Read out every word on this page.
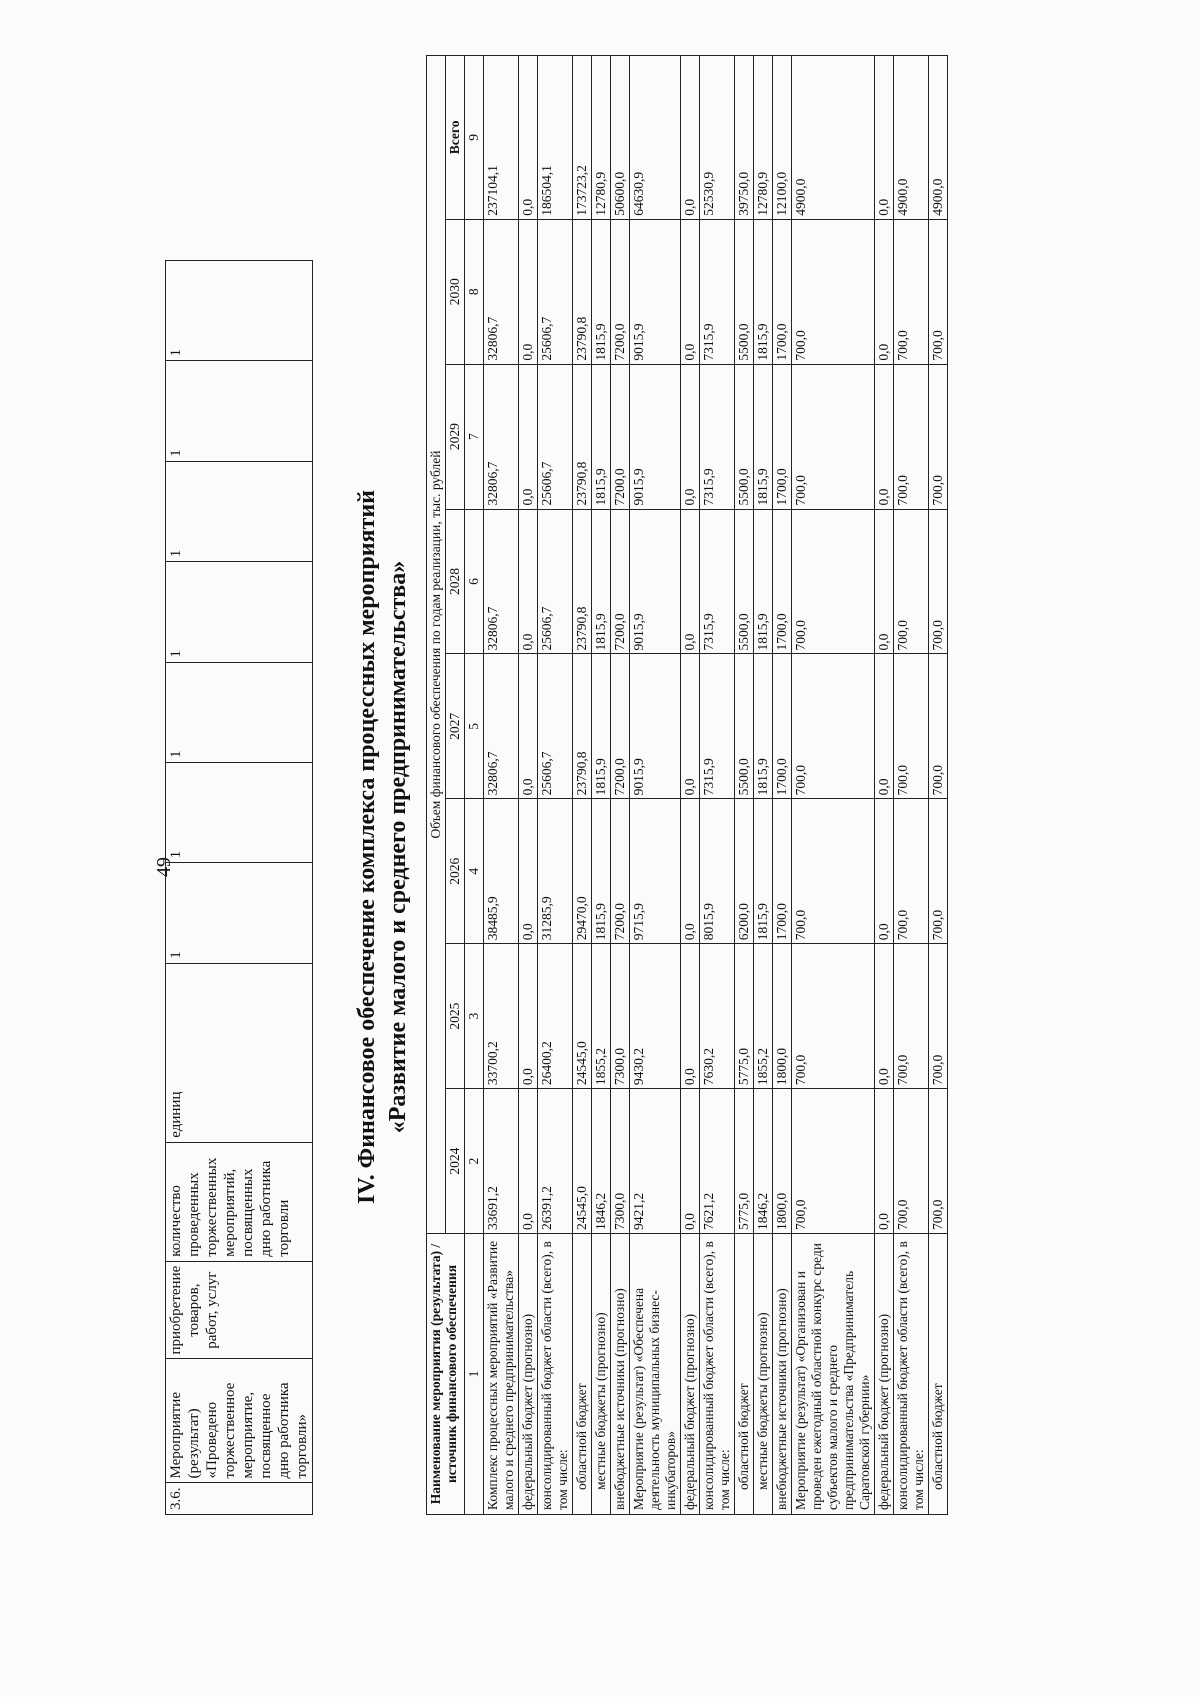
49
3.6.	Мероприятие (результат) «Проведено торжественное мероприятие, посвященное дню работника торговли»	приобретение товаров, работ, услуг	количество проведенных торжественных мероприятий, посвященных дню работника торговли	единиц	1	1	1	1	1	1	1
IV. Финансовое обеспечение комплекса процессных мероприятий «Развитие малого и среднего предпринимательства»
Наименование мероприятия (результата) / источник финансового обеспечения	Объем финансового обеспечения по годам реализации, тыс. рублей							
	2024	2025	2026	2027	2028	2029	2030	Всего
1	2	3	4	5	6	7	8	9
Комплекс процессных мероприятий «Развитие малого и среднего предпринимательства»	33691,2	33700,2	38485,9	32806,7	32806,7	32806,7	32806,7	237104,1
федеральный бюджет (прогнозно)	0,0	0,0	0,0	0,0	0,0	0,0	0,0	0,0
консолидированный бюджет области (всего), в том числе:	26391,2	26400,2	31285,9	25606,7	25606,7	25606,7	25606,7	186504,1
областной бюджет	24545,0	24545,0	29470,0	23790,8	23790,8	23790,8	23790,8	173723,2
местные бюджеты (прогнозно)	1846,2	1855,2	1815,9	1815,9	1815,9	1815,9	1815,9	12780,9
внебюджетные источники (прогнозно)	7300,0	7300,0	7200,0	7200,0	7200,0	7200,0	7200,0	50600,0
Мероприятие (результат) «Обеспечена деятельность муниципальных бизнес-инкубаторов»	9421,2	9430,2	9715,9	9015,9	9015,9	9015,9	9015,9	64630,9
федеральный бюджет (прогнозно)	0,0	0,0	0,0	0,0	0,0	0,0	0,0	0,0
консолидированный бюджет области (всего), в том числе:	7621,2	7630,2	8015,9	7315,9	7315,9	7315,9	7315,9	52530,9
областной бюджет	5775,0	5775,0	6200,0	5500,0	5500,0	5500,0	5500,0	39750,0
местные бюджеты (прогнозно)	1846,2	1855,2	1815,9	1815,9	1815,9	1815,9	1815,9	12780,9
внебюджетные источники (прогнозно)	1800,0	1800,0	1700,0	1700,0	1700,0	1700,0	1700,0	12100,0
Мероприятие (результат) «Организован и проведен ежегодный областной конкурс среди субъектов малого и среднего предпринимательства «Предприниматель Саратовской губернии»	700,0	700,0	700,0	700,0	700,0	700,0	700,0	4900,0
федеральный бюджет (прогнозно)	0,0	0,0	0,0	0,0	0,0	0,0	0,0	0,0
консолидированный бюджет области (всего), в том числе:	700,0	700,0	700,0	700,0	700,0	700,0	700,0	4900,0
областной бюджет	700,0	700,0	700,0	700,0	700,0	700,0	700,0	4900,0
